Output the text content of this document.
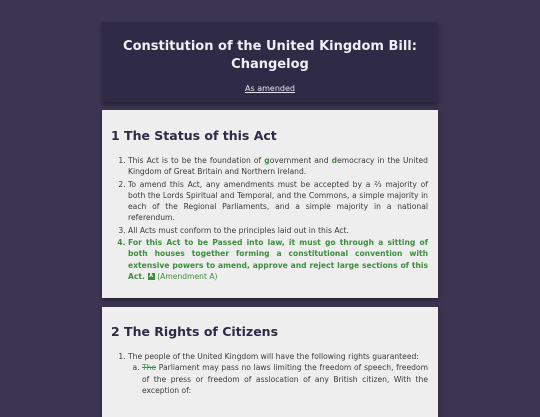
Constitution of the United Kingdom Bill: Changelog
As amended
1 The Status of this Act
1. This Act is to be the foundation of government and democracy in the United Kingdom of Great Britain and Northern Ireland.
2. To amend this Act, any amendments must be accepted by a ⅔ majority of both the Lords Spiritual and Temporal, and the Commons, a simple majority in each of the Regional Parliaments, and a simple majority in a national referendum.
3. All Acts must conform to the principles laid out in this Act.
4. For this Act to be Passed into law, it must go through a sitting of both houses together forming a constitutional convention with extensive powers to amend, approve and reject large sections of this Act. A (Amendment A)
2 The Rights of Citizens
1. The people of the United Kingdom will have the following rights guaranteed:
a. The Parliament may pass no laws limiting the freedom of speech, freedom of the press or freedom of asslocation of any British citizen, With the exception of:
